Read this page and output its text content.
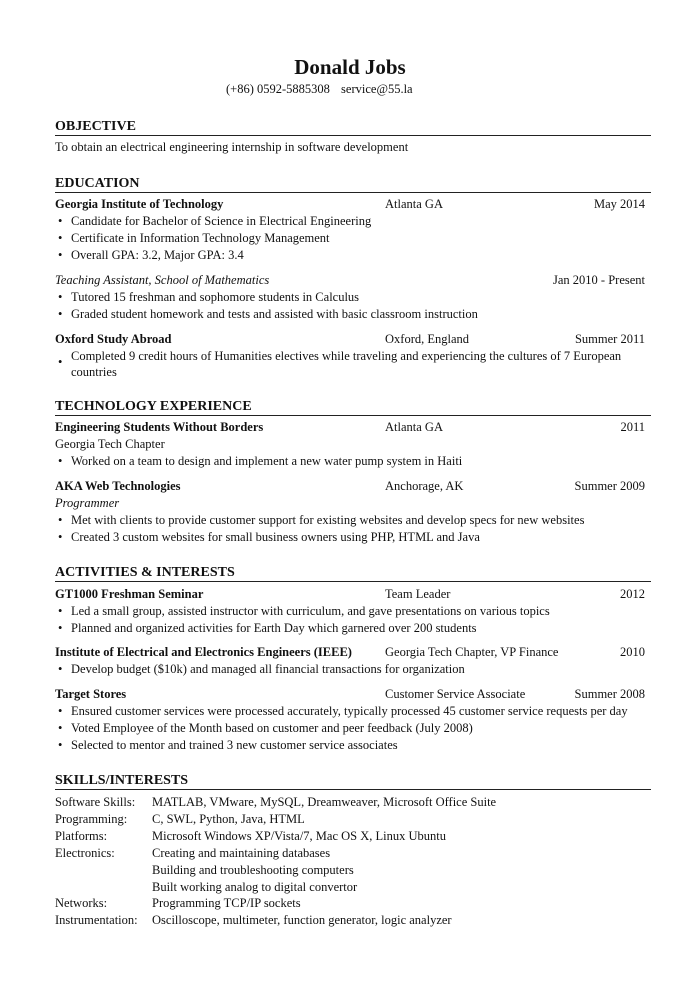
Donald Jobs
(+86) 0592-5885308 service@55.la
OBJECTIVE
To obtain an electrical engineering internship in software development
EDUCATION
Georgia Institute of Technology	Atlanta GA	May 2014
• Candidate for Bachelor of Science in Electrical Engineering
• Certificate in Information Technology Management
• Overall GPA: 3.2, Major GPA: 3.4
Teaching Assistant, School of Mathematics	Jan 2010 - Present
• Tutored 15 freshman and sophomore students in Calculus
• Graded student homework and tests and assisted with basic classroom instruction
Oxford Study Abroad	Oxford, England	Summer 2011
• Completed 9 credit hours of Humanities electives while traveling and experiencing the cultures of 7 European countries
TECHNOLOGY EXPERIENCE
Engineering Students Without Borders	Atlanta GA	2011
Georgia Tech Chapter
• Worked on a team to design and implement a new water pump system in Haiti
AKA Web Technologies	Anchorage, AK	Summer 2009
Programmer
• Met with clients to provide customer support for existing websites and develop specs for new websites
• Created 3 custom websites for small business owners using PHP, HTML and Java
ACTIVITIES & INTERESTS
GT1000 Freshman Seminar	Team Leader	2012
• Led a small group, assisted instructor with curriculum, and gave presentations on various topics
• Planned and organized activities for Earth Day which garnered over 200 students
Institute of Electrical and Electronics Engineers (IEEE)	Georgia Tech Chapter, VP Finance	2010
• Develop budget ($10k) and managed all financial transactions for organization
Target Stores	Customer Service Associate	Summer 2008
• Ensured customer services were processed accurately, typically processed 45 customer service requests per day
• Voted Employee of the Month based on customer and peer feedback (July 2008)
• Selected to mentor and trained 3 new customer service associates
SKILLS/INTERESTS
Software Skills: MATLAB, VMware, MySQL, Dreamweaver, Microsoft Office Suite
Programming: C, SWL, Python, Java, HTML
Platforms:	Microsoft Windows XP/Vista/7, Mac OS X, Linux Ubuntu
Electronics:	Creating and maintaining databases
Building and troubleshooting computers
Built working analog to digital convertor
Networks:	Programming TCP/IP sockets
Instrumentation: Oscilloscope, multimeter, function generator, logic analyzer
